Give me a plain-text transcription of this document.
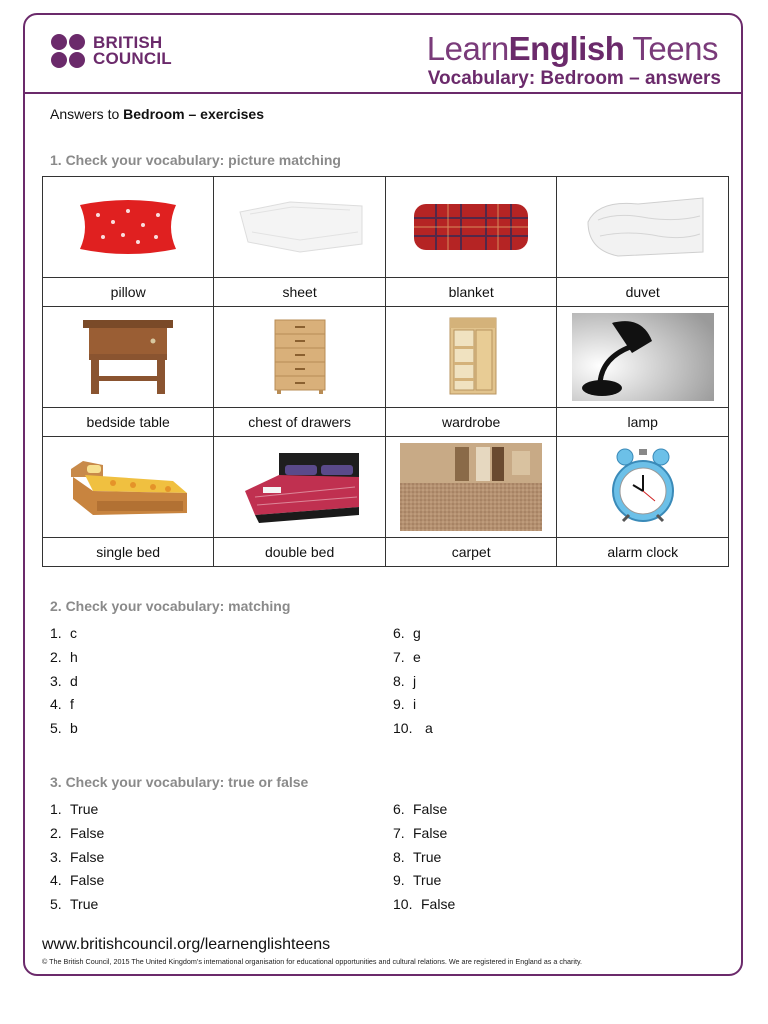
BRITISH
COUNCIL	LearnEnglish Teens
Vocabulary: Bedroom – answers
Answers to Bedroom – exercises
1. Check your vocabulary: picture matching

pillow	sheet	blanket	duvet

bedside table	chest of drawers	wardrobe	lamp

single bed	double bed	carpet	alarm clock
2. Check your vocabulary: matching
1. c
2. h
3. d
4. f
5. b
6. g
7. e
8. j
9. i
10. a
3. Check your vocabulary: true or false
1. True
2. False
3. False
4. False
5. True
6. False
7. False
8. True
9. True
10. False
www.britishcouncil.org/learnenglishteens
© The British Council, 2015 The United Kingdom’s international organisation for educational opportunities and cultural relations. We are registered in England as a charity.
